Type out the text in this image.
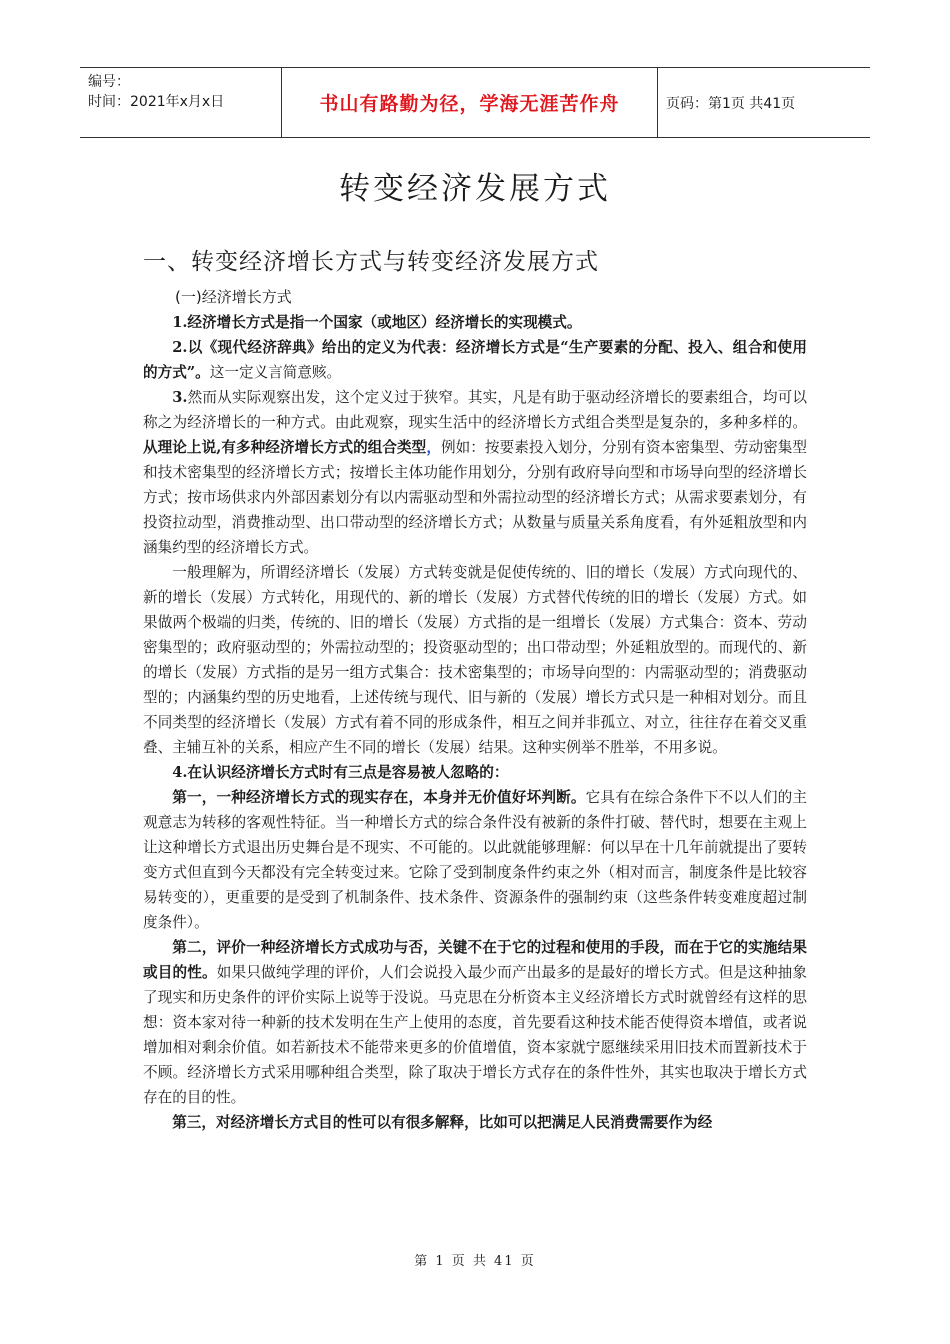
编号：
时间：2021年x月x日	书山有路勤为径，学海无涯苦作舟	页码：第1页 共41页
转变经济发展方式
一、转变经济增长方式与转变经济发展方式
(一)经济增长方式

1.经济增长方式是指一个国家（或地区）经济增长的实现模式。

2.以《现代经济辞典》给出的定义为代表：经济增长方式是“生产要素的分配、投入、组合和使用的方式”。这一定义言简意赅。

3.然而从实际观察出发，这个定义过于狭窄。其实，凡是有助于驱动经济增长的要素组合，均可以称之为经济增长的一种方式。由此观察，现实生活中的经济增长方式组合类型是复杂的，多种多样的。从理论上说,有多种经济增长方式的组合类型，例如：按要素投入划分，分别有资本密集型、劳动密集型和技术密集型的经济增长方式；按增长主体功能作用划分，分别有政府导向型和市场导向型的经济增长方式；按市场供求内外部因素划分有以内需驱动型和外需拉动型的经济增长方式；从需求要素划分，有投资拉动型，消费推动型、出口带动型的经济增长方式；从数量与质量关系角度看，有外延粗放型和内涵集约型的经济增长方式。

一般理解为，所谓经济增长（发展）方式转变就是促使传统的、旧的增长（发展）方式向现代的、新的增长（发展）方式转化，用现代的、新的增长（发展）方式替代传统的旧的增长（发展）方式。如果做两个极端的归类，传统的、旧的增长（发展）方式指的是一组增长（发展）方式集合：资本、劳动密集型的；政府驱动型的；外需拉动型的；投资驱动型的；出口带动型；外延粗放型的。而现代的、新的增长（发展）方式指的是另一组方式集合：技术密集型的；市场导向型的：内需驱动型的；消费驱动型的；内涵集约型的历史地看，上述传统与现代、旧与新的（发展）增长方式只是一种相对划分。而且不同类型的经济增长（发展）方式有着不同的形成条件，相互之间并非孤立、对立，往往存在着交叉重叠、主辅互补的关系，相应产生不同的增长（发展）结果。这种实例举不胜举，不用多说。

4.在认识经济增长方式时有三点是容易被人忽略的：

第一，一种经济增长方式的现实存在，本身并无价值好坏判断。它具有在综合条件下不以人们的主观意志为转移的客观性特征。当一种增长方式的综合条件没有被新的条件打破、替代时，想要在主观上让这种增长方式退出历史舞台是不现实、不可能的。以此就能够理解：何以早在十几年前就提出了要转变方式但直到今天都没有完全转变过来。它除了受到制度条件约束之外（相对而言，制度条件是比较容易转变的），更重要的是受到了机制条件、技术条件、资源条件的强制约束（这些条件转变难度超过制度条件）。

第二，评价一种经济增长方式成功与否，关键不在于它的过程和使用的手段，而在于它的实施结果或目的性。如果只做纯学理的评价，人们会说投入最少而产出最多的是最好的增长方式。但是这种抽象了现实和历史条件的评价实际上说等于没说。马克思在分析资本主义经济增长方式时就曾经有这样的思想：资本家对待一种新的技术发明在生产上使用的态度，首先要看这种技术能否使得资本增值，或者说增加相对剩余价值。如若新技术不能带来更多的价值增值，资本家就宁愿继续采用旧技术而置新技术于不顾。经济增长方式采用哪种组合类型，除了取决于增长方式存在的条件性外，其实也取决于增长方式存在的目的性。

第三，对经济增长方式目的性可以有很多解释，比如可以把满足人民消费需要作为经

第 1 页 共 41 页
